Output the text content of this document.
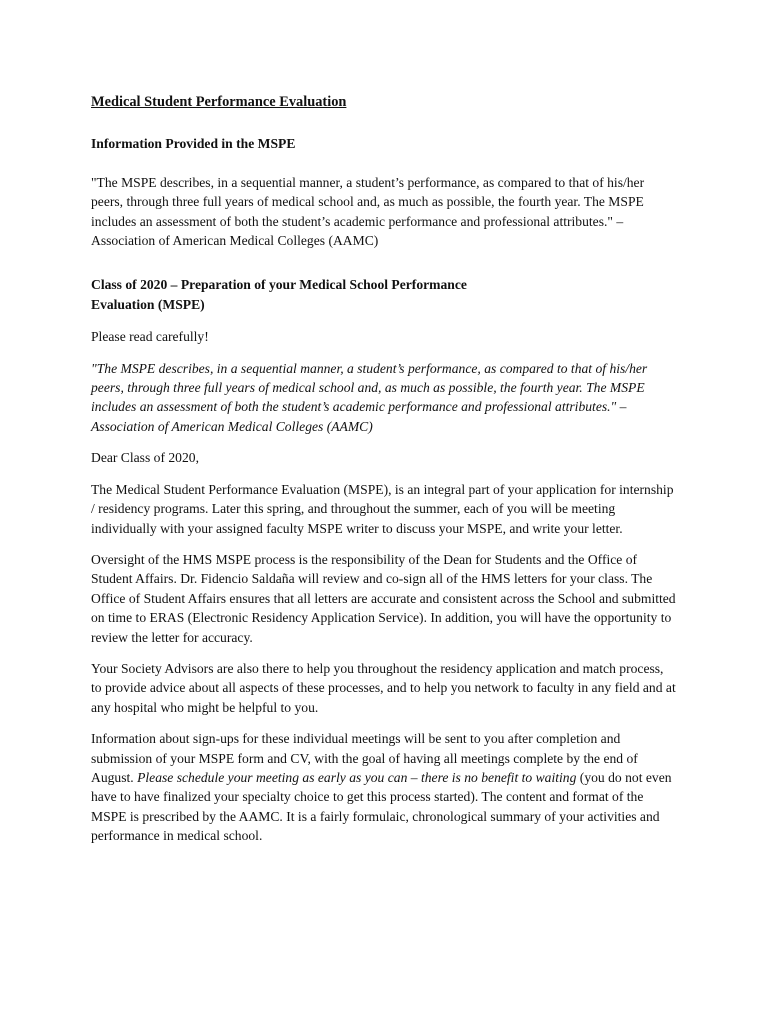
Medical Student Performance Evaluation
Information Provided in the MSPE
"The MSPE describes, in a sequential manner, a student’s performance, as compared to that of his/her peers, through three full years of medical school and, as much as possible, the fourth year. The MSPE includes an assessment of both the student’s academic performance and professional attributes." – Association of American Medical Colleges (AAMC)
Class of 2020 – Preparation of your Medical School Performance Evaluation (MSPE)

Please read carefully!

"The MSPE describes, in a sequential manner, a student’s performance, as compared to that of his/her peers, through three full years of medical school and, as much as possible, the fourth year. The MSPE includes an assessment of both the student’s academic performance and professional attributes." – Association of American Medical Colleges (AAMC)

Dear Class of 2020,

The Medical Student Performance Evaluation (MSPE), is an integral part of your application for internship / residency programs. Later this spring, and throughout the summer, each of you will be meeting individually with your assigned faculty MSPE writer to discuss your MSPE, and write your letter.

Oversight of the HMS MSPE process is the responsibility of the Dean for Students and the Office of Student Affairs. Dr. Fidencio Saldaña will review and co-sign all of the HMS letters for your class. The Office of Student Affairs ensures that all letters are accurate and consistent across the School and submitted on time to ERAS (Electronic Residency Application Service). In addition, you will have the opportunity to review the letter for accuracy.

Your Society Advisors are also there to help you throughout the residency application and match process, to provide advice about all aspects of these processes, and to help you network to faculty in any field and at any hospital who might be helpful to you.

Information about sign-ups for these individual meetings will be sent to you after completion and submission of your MSPE form and CV, with the goal of having all meetings complete by the end of August. Please schedule your meeting as early as you can – there is no benefit to waiting (you do not even have to have finalized your specialty choice to get this process started). The content and format of the MSPE is prescribed by the AAMC. It is a fairly formulaic, chronological summary of your activities and performance in medical school.
